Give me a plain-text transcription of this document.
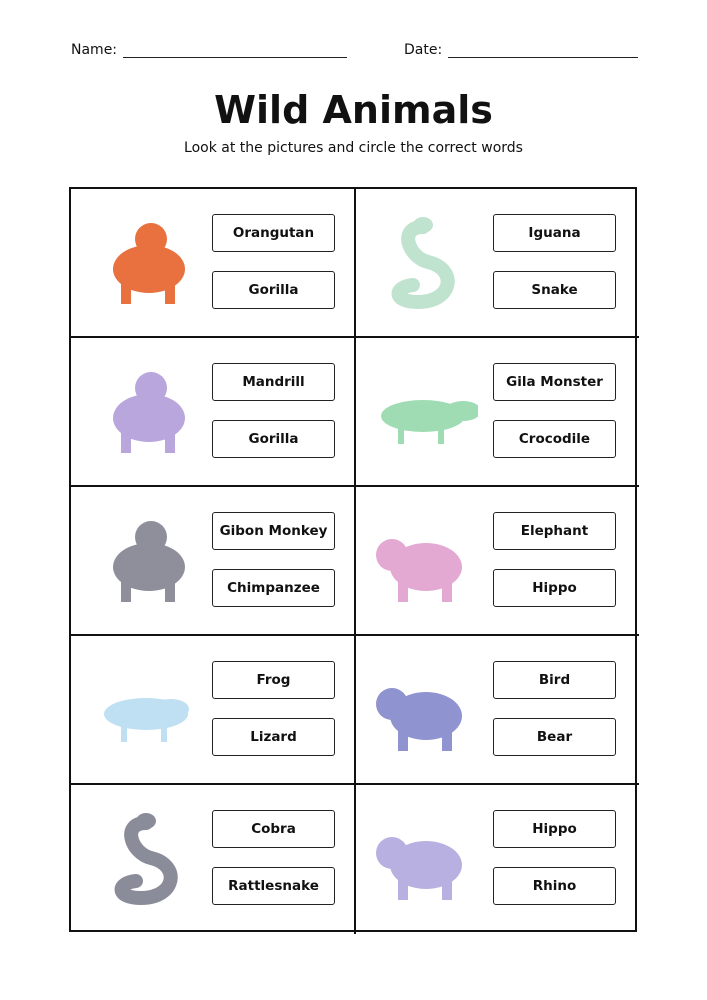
Name:	Date:
Wild Animals
Look at the pictures and circle the correct words
Orangutan
Gorilla
Iguana
Snake
Mandrill
Gorilla
Gila Monster
Crocodile
Gibon Monkey
Chimpanzee
Elephant
Hippo
Frog
Lizard
Bird
Bear
Cobra
Rattlesnake
Hippo
Rhino
